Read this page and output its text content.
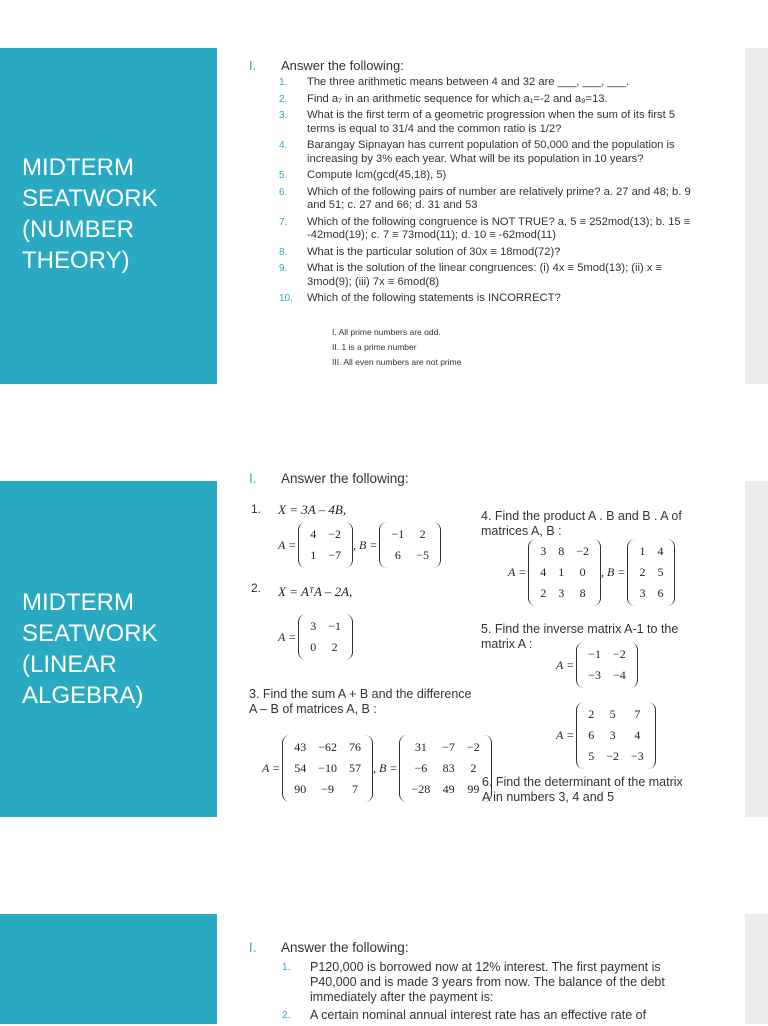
MIDTERM
SEATWORK
(NUMBER
THEORY)
I. Answer the following:
1. The three arithmetic means between 4 and 32 are ___, ___, ___.
2. Find a₇ in an arithmetic sequence for which a₁=-2 and a₉=13.
3. What is the first term of a geometric progression when the sum of its first 5 terms is equal to 31/4 and the common ratio is 1/2?
4. Barangay Sipnayan has current population of 50,000 and the population is increasing by 3% each year. What will be its population in 10 years?
5. Compute lcm(gcd(45,18), 5)
6. Which of the following pairs of number are relatively prime? a. 27 and 48; b. 9 and 51; c. 27 and 66; d. 31 and 53
7. Which of the following congruence is NOT TRUE? a. 5 ≡ 252mod(13); b. 15 ≡ -42mod(19); c. 7 ≡ 73mod(11); d. 10 ≡ -62mod(11)
8. What is the particular solution of 30x ≡ 18mod(72)?
9. What is the solution of the linear congruences: (i) 4x ≡ 5mod(13); (ii) x ≡ 3mod(9); (iii) 7x ≡ 6mod(8)
10. Which of the following statements is INCORRECT?
I. All prime numbers are odd.
II. 1 is a prime number
III. All even numbers are not prime
MIDTERM
SEATWORK
(LINEAR
ALGEBRA)
I. Answer the following:
1. X = 3A – 4B,
A =
4	−2
1	−7
, B =
−1	2
6	−5
2. X = AᵀA – 2A,
A =
3	−1
0	2
3. Find the sum A + B and the difference A – B of matrices A, B :
A =
43	−62	76
54	−10	57
90	−9	7
, B =
31	−7	−2
−6	83	2
−28	49	99
4. Find the product A . B and B . A of matrices A, B :
A =
3	8	−2
4	1	0
2	3	8
, B =
1	4
2	5
3	6
5. Find the inverse matrix A-1 to the matrix A :
A =
−1	−2
−3	−4
A =
2	5	7
6	3	4
5	−2	−3
6. Find the determinant of the matrix A in numbers 3, 4 and 5
I. Answer the following:
1. P120,000 is borrowed now at 12% interest. The first payment is P40,000 and is made 3 years from now. The balance of the debt immediately after the payment is:
2. A certain nominal annual interest rate has an effective rate of
